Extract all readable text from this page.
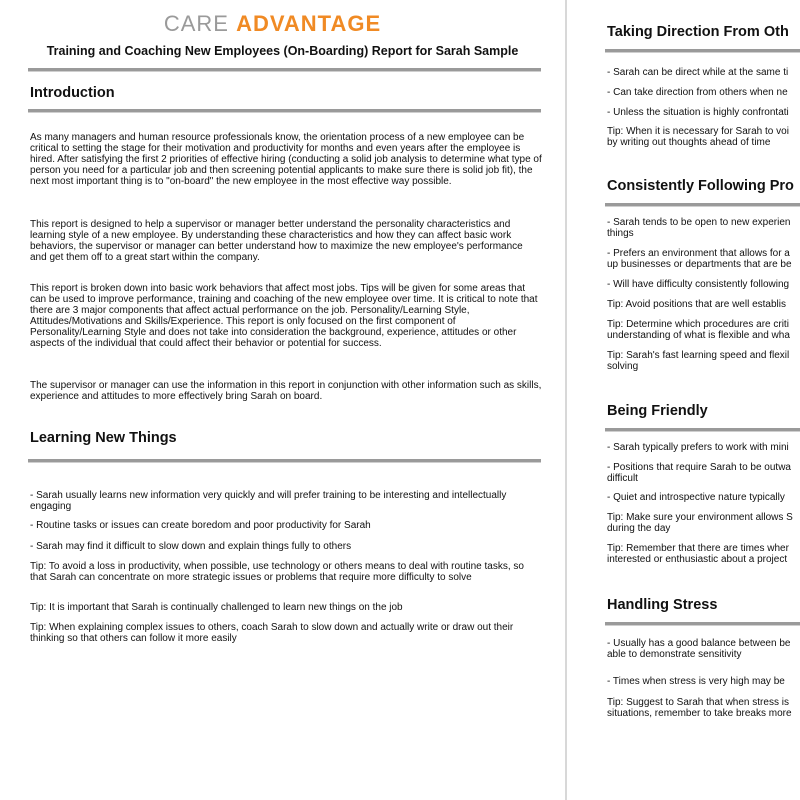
CARE ADVANTAGE
Training and Coaching New Employees (On-Boarding) Report for Sarah Sample
Introduction
As many managers and human resource professionals know, the orientation process of a new employee can be critical to setting the stage for their motivation and productivity for months and even years after the employee is hired. After satisfying the first 2 priorities of effective hiring (conducting a solid job analysis to determine what type of person you need for a particular job and then screening potential applicants to make sure there is solid job fit), the next most important thing is to "on-board" the new employee in the most effective way possible.
This report is designed to help a supervisor or manager better understand the personality characteristics and learning style of a new employee. By understanding these characteristics and how they can affect basic work behaviors, the supervisor or manager can better understand how to maximize the new employee's performance and get them off to a great start within the company.
This report is broken down into basic work behaviors that affect most jobs. Tips will be given for some areas that can be used to improve performance, training and coaching of the new employee over time. It is critical to note that there are 3 major components that affect actual performance on the job. Personality/Learning Style, Attitudes/Motivations and Skills/Experience. This report is only focused on the first component of Personality/Learning Style and does not take into consideration the background, experience, attitudes or other aspects of the individual that could affect their behavior or potential for success.
The supervisor or manager can use the information in this report in conjunction with other information such as skills, experience and attitudes to more effectively bring Sarah on board.
Learning New Things
- Sarah usually learns new information very quickly and will prefer training to be interesting and intellectually engaging
- Routine tasks or issues can create boredom and poor productivity for Sarah
- Sarah may find it difficult to slow down and explain things fully to others
Tip: To avoid a loss in productivity, when possible, use technology or others means to deal with routine tasks, so that Sarah can concentrate on more strategic issues or problems that require more difficulty to solve
Tip: It is important that Sarah is continually challenged to learn new things on the job
Tip: When explaining complex issues to others, coach Sarah to slow down and actually write or draw out their thinking so that others can follow it more easily
Taking Direction From Oth
- Sarah can be direct while at the same ti
- Can take direction from others when ne
- Unless the situation is highly confrontati
Tip: When it is necessary for Sarah to voi
by writing out thoughts ahead of time
Consistently Following Pro
- Sarah tends to be open to new experien
things
- Prefers an environment that allows for a
up businesses or departments that are be
- Will have difficulty consistently following
Tip: Avoid positions that are well establis
Tip: Determine which procedures are criti
understanding of what is flexible and wha
Tip: Sarah's fast learning speed and flexil
solving
Being Friendly
- Sarah typically prefers to work with mini
- Positions that require Sarah to be outwa
difficult
- Quiet and introspective nature typically
Tip: Make sure your environment allows S
during the day
Tip: Remember that there are times wher
interested or enthusiastic about a project
Handling Stress
- Usually has a good balance between be
able to demonstrate sensitivity
- Times when stress is very high may be
Tip: Suggest to Sarah that when stress is
situations, remember to take breaks more
